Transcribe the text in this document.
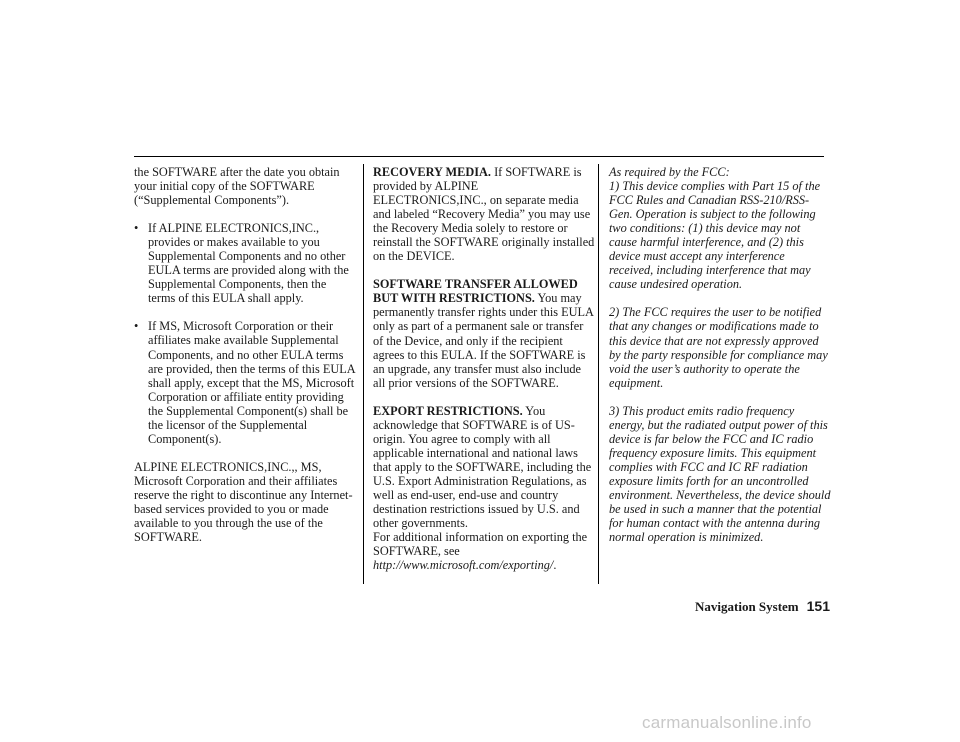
the SOFTWARE after the date you obtain your initial copy of the SOFTWARE (“Supplemental Components”).

• If ALPINE ELECTRONICS,INC., provides or makes available to you Supplemental Components and no other EULA terms are provided along with the Supplemental Components, then the terms of this EULA shall apply.
• If MS, Microsoft Corporation or their affiliates make available Supplemental Components, and no other EULA terms are provided, then the terms of this EULA shall apply, except that the MS, Microsoft Corporation or affiliate entity providing the Supplemental Component(s) shall be the licensor of the Supplemental Component(s).

ALPINE ELECTRONICS,INC.,, MS, Microsoft Corporation and their affiliates reserve the right to discontinue any Internet-based services provided to you or made available to you through the use of the SOFTWARE.

RECOVERY MEDIA. If SOFTWARE is provided by ALPINE ELECTRONICS,INC., on separate media and labeled “Recovery Media” you may use the Recovery Media solely to restore or reinstall the SOFTWARE originally installed on the DEVICE.

SOFTWARE TRANSFER ALLOWED BUT WITH RESTRICTIONS. You may permanently transfer rights under this EULA only as part of a permanent sale or transfer of the Device, and only if the recipient agrees to this EULA. If the SOFTWARE is an upgrade, any transfer must also include all prior versions of the SOFTWARE.

EXPORT RESTRICTIONS. You acknowledge that SOFTWARE is of US-origin. You agree to comply with all applicable international and national laws that apply to the SOFTWARE, including the U.S. Export Administration Regulations, as well as end-user, end-use and country destination restrictions issued by U.S. and other governments.
For additional information on exporting the SOFTWARE, see http://www.microsoft.com/exporting/.

As required by the FCC:
1) This device complies with Part 15 of the FCC Rules and Canadian RSS-210/RSS-Gen. Operation is subject to the following two conditions: (1) this device may not cause harmful interference, and (2) this device must accept any interference received, including interference that may cause undesired operation.

2) The FCC requires the user to be notified that any changes or modifications made to this device that are not expressly approved by the party responsible for compliance may void the user’s authority to operate the equipment.

3) This product emits radio frequency energy, but the radiated output power of this device is far below the FCC and IC radio frequency exposure limits. This equipment complies with FCC and IC RF radiation exposure limits forth for an uncontrolled environment. Nevertheless, the device should be used in such a manner that the potential for human contact with the antenna during normal operation is minimized.

Navigation System 151
carmanualsonline.info
